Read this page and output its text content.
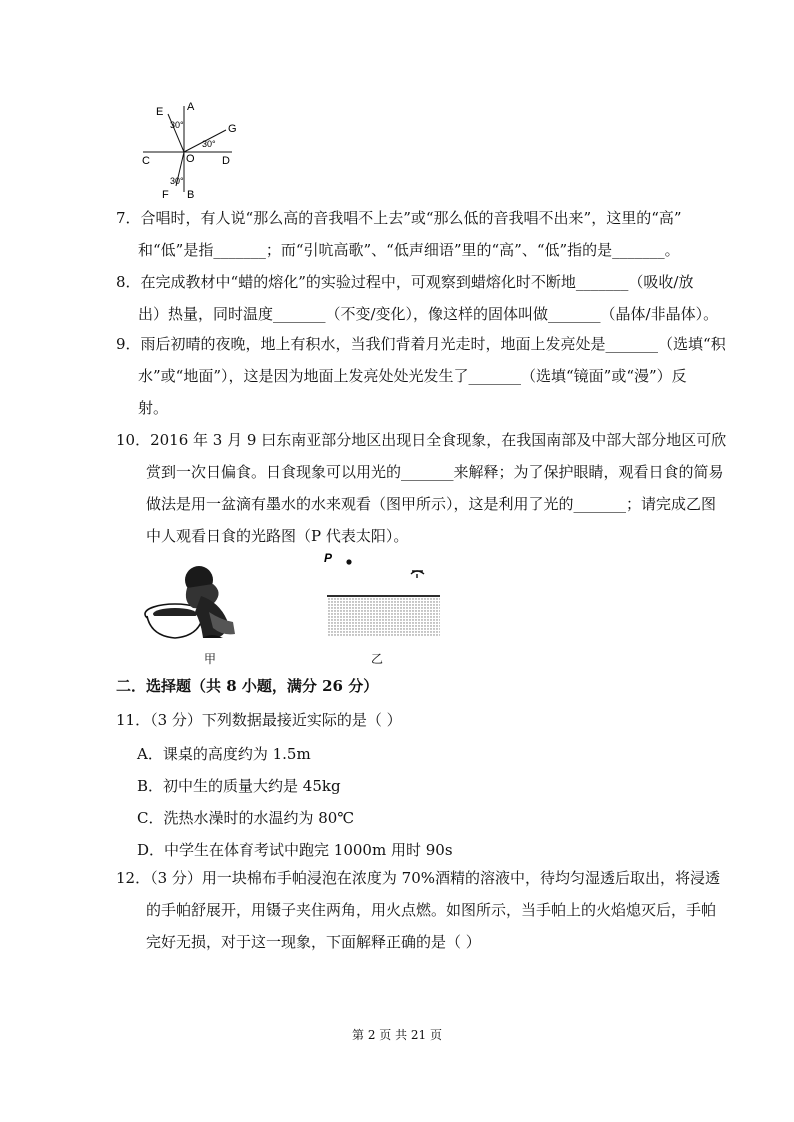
E A
G
C	O D
F B
30°
30°
30°
7．合唱时，有人说“那么高的音我唱不上去”或“那么低的音我唱不出来”，这里的“高”
和“低”是指_______；而“引吭高歌”、“低声细语”里的“高”、“低”指的是_______。
8．在完成教材中“蜡的熔化”的实验过程中，可观察到蜡熔化时不断地_______（吸收/放
出）热量，同时温度_______（不变/变化），像这样的固体叫做_______（晶体/非晶体）。
9．雨后初晴的夜晚，地上有积水，当我们背着月光走时，地面上发亮处是_______（选填“积
水”或“地面”），这是因为地面上发亮处处光发生了_______（选填“镜面”或“漫”）反
射。
10．2016 年 3 月 9 曰东南亚部分地区出现日全食现象，在我国南部及中部大部分地区可欣
赏到一次日偏食。日食现象可以用光的_______来解释；为了保护眼睛，观看日食的简易
做法是用一盆滴有墨水的水来观看（图甲所示），这是利用了光的_______；请完成乙图
中人观看日食的光路图（P 代表太阳）。
甲
P
乙
二．选择题（共 8 小题，满分 26 分）
11．（3 分）下列数据最接近实际的是（ ）
A．课桌的高度约为 1.5m
B．初中生的质量大约是 45kg
C．洗热水澡时的水温约为 80℃
D．中学生在体育考试中跑完 1000m 用时 90s
12．（3 分）用一块棉布手帕浸泡在浓度为 70%酒精的溶液中，待均匀湿透后取出，将浸透
的手帕舒展开，用镊子夹住两角，用火点燃。如图所示，当手帕上的火焰熄灭后，手帕
完好无损，对于这一现象，下面解释正确的是（ ）
第 2 页 共 21 页
